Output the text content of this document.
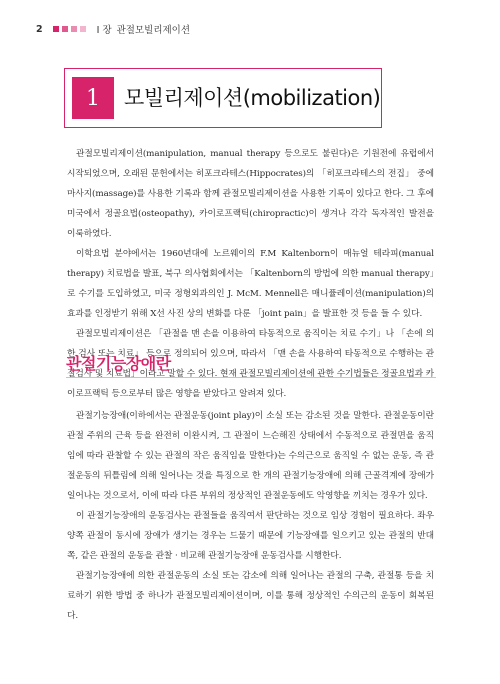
2	I 장 관절모빌리제이션
1	모빌리제이션(mobilization)

관절모빌리제이션(manipulation, manual therapy 등으로도 불린다)은 기원전에 유럽에서 시작되었으며, 오래된 문헌에서는 히포크라테스(Hippocrates)의 「히포크라테스의 전집」 중에 마사지(massage)를 사용한 기록과 함께 관절모빌리제이션을 사용한 기록이 있다고 한다. 그 후에 미국에서 정골요법(osteopathy), 카이로프랙틱(chiropractic)이 생겨나 각각 독자적인 발전을 이룩하였다.

이학요법 분야에서는 1960년대에 노르웨이의 F.M Kaltenborn이 매뉴얼 테라피(manual therapy) 치료법을 발표, 북구 의사협회에서는 「Kaltenborn의 방법에 의한 manual therapy」로 수기를 도입하였고, 미국 정형외과의인 J. McM. Mennell은 매니퓰레이션(manipulation)의 효과를 인정받기 위해 X선 사진 상의 변화를 다룬 「joint pain」을 발표한 것 등을 들 수 있다.

관절모빌리제이션은 「관절을 맨 손을 이용하여 타동적으로 움직이는 치료 수기」나 「손에 의한 검사 또는 치료」 등으로 정의되어 있으며, 따라서 「맨 손을 사용하여 타동적으로 수행하는 관절검사 및 치료법」이라고 말할 수 있다. 현재 관절모빌리제이션에 관한 수기법들은 정골요법과 카이로프랙틱 등으로부터 많은 영향을 받았다고 알려져 있다.

관절기능장애란

관절기능장애(이하에서는 관절운동(joint play)이 소실 또는 감소된 것을 말한다. 관절운동이란 관절 주위의 근육 등을 완전히 이완시켜, 그 관절이 느슨해진 상태에서 수동적으로 관절면을 움직임에 따라 관찰할 수 있는 관절의 작은 움직임을 말한다)는 수의근으로 움직일 수 없는 운동, 즉 관절운동의 뒤틀림에 의해 일어나는 것을 특징으로 한 개의 관절기능장애에 의해 근골격계에 장애가 일어나는 것으로서, 이에 따라 다른 부위의 정상적인 관절운동에도 악영향을 끼치는 경우가 있다.

이 관절기능장애의 운동검사는 관절들을 움직여서 판단하는 것으로 임상 경험이 필요하다. 좌우 양쪽 관절이 동시에 장애가 생기는 경우는 드물기 때문에 기능장애를 일으키고 있는 관절의 반대쪽, 같은 관절의 운동을 관찰 · 비교해 관절기능장애 운동검사를 시행한다.

관절기능장애에 의한 관절운동의 소실 또는 감소에 의해 일어나는 관절의 구축, 관절통 등을 치료하기 위한 방법 중 하나가 관절모빌리제이션이며, 이를 통해 정상적인 수의근의 운동이 회복된다.
